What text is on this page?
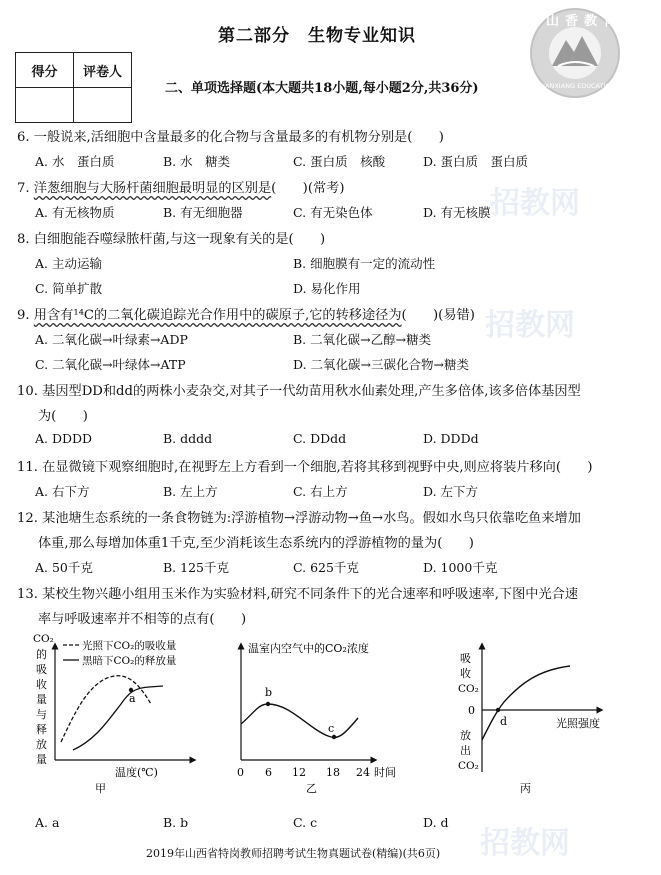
招教网
招教网
招教网
第二部分　生物专业知识
山香教育
SHANXIANG EDUCATION
得分	评卷人

二、单项选择题(本大题共18小题,每小题2分,共36分)
6. 一般说来,活细胞中含量最多的化合物与含量最多的有机物分别是(　　)
A. 水　蛋白质	B. 水　糖类	C. 蛋白质　核酸	D. 蛋白质　蛋白质
7. 洋葱细胞与大肠杆菌细胞最明显的区别是(　　)(常考)
A. 有无核物质	B. 有无细胞器	C. 有无染色体	D. 有无核膜
8. 白细胞能吞噬绿脓杆菌,与这一现象有关的是(　　)
A. 主动运输	B. 细胞膜有一定的流动性
C. 简单扩散	D. 易化作用
9. 用含有¹⁴C的二氧化碳追踪光合作用中的碳原子,它的转移途径为(　　)(易错)
A. 二氧化碳→叶绿素→ADP	B. 二氧化碳→乙醇→糖类
C. 二氧化碳→叶绿体→ATP	D. 二氧化碳→三碳化合物→糖类
10. 基因型DD和dd的两株小麦杂交,对其子一代幼苗用秋水仙素处理,产生多倍体,该多倍体基因型
为(　　)
A. DDDD	B. dddd	C. DDdd	D. DDDd
11. 在显微镜下观察细胞时,在视野左上方看到一个细胞,若将其移到视野中央,则应将装片移向(　　)
A. 右下方	B. 左上方	C. 右上方	D. 左下方
12. 某池塘生态系统的一条食物链为:浮游植物→浮游动物→鱼→水鸟。假如水鸟只依靠吃鱼来增加
体重,那么每增加体重1千克,至少消耗该生态系统内的浮游植物的量为(　　)
A. 50千克	B. 125千克	C. 625千克	D. 1000千克
13. 某校生物兴趣小组用玉米作为实验材料,研究不同条件下的光合速率和呼吸速率,下图中光合速
率与呼吸速率并不相等的点有(　　)
CO₂
的
吸
收
量
与
释
放
量
光照下CO₂的吸收量
黑暗下CO₂的释放量
a
温度(℃)
甲
温室内空气中的CO₂浓度
b
c
0 6 12 18 24 时间
乙
吸
收
CO₂
0
放
出
CO₂
d	光照强度
丙
A. a	B. b	C. c	D. d
2019年山西省特岗教师招聘考试生物真题试卷(精编)(共6页)
